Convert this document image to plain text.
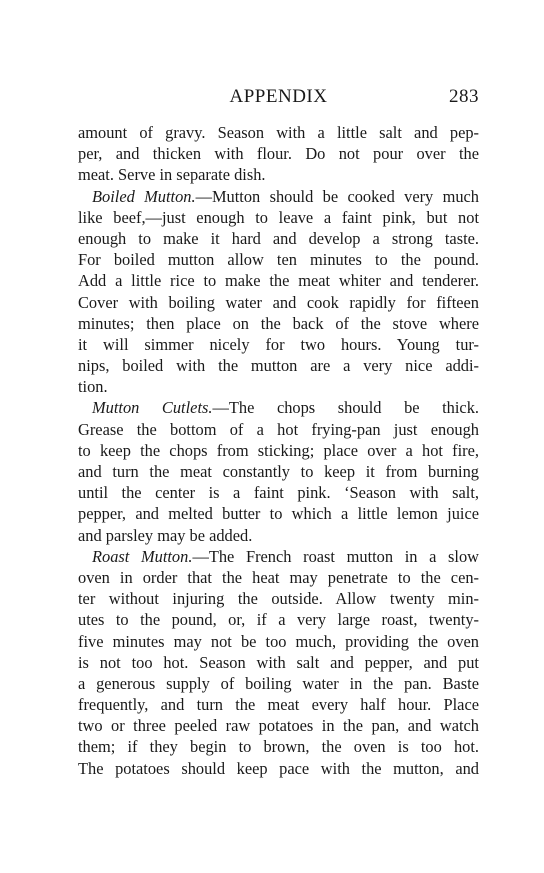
APPENDIX	283
amount of gravy. Season with a little salt and pep-
per, and thicken with flour. Do not pour over the
meat. Serve in separate dish.
Boiled Mutton.—Mutton should be cooked very much
like beef,—just enough to leave a faint pink, but not
enough to make it hard and develop a strong taste.
For boiled mutton allow ten minutes to the pound.
Add a little rice to make the meat whiter and tenderer.
Cover with boiling water and cook rapidly for fifteen
minutes; then place on the back of the stove where
it will simmer nicely for two hours. Young tur-
nips, boiled with the mutton are a very nice addi-
tion.
Mutton Cutlets.—The chops should be thick.
Grease the bottom of a hot frying-pan just enough
to keep the chops from sticking; place over a hot fire,
and turn the meat constantly to keep it from burning
until the center is a faint pink. ‘Season with salt,
pepper, and melted butter to which a little lemon juice
and parsley may be added.
Roast Mutton.—The French roast mutton in a slow
oven in order that the heat may penetrate to the cen-
ter without injuring the outside. Allow twenty min-
utes to the pound, or, if a very large roast, twenty-
five minutes may not be too much, providing the oven
is not too hot. Season with salt and pepper, and put
a generous supply of boiling water in the pan. Baste
frequently, and turn the meat every half hour. Place
two or three peeled raw potatoes in the pan, and watch
them; if they begin to brown, the oven is too hot.
The potatoes should keep pace with the mutton, and
